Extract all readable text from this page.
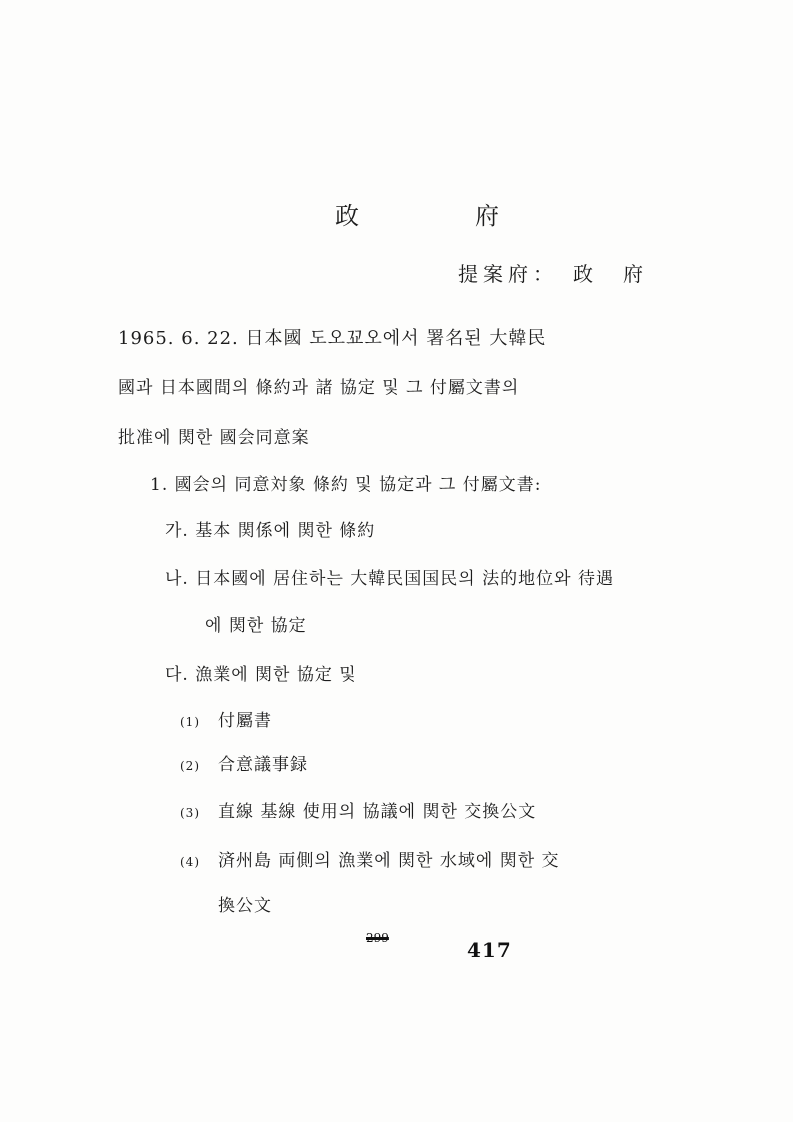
政　府
提案府：　政　府
1965. 6. 22. 日本國 도오꾜오에서 署名된 大韓民
國과 日本國間의 條約과 諸 協定 및 그 付屬文書의
批准에 関한 國会同意案
1. 國会의 同意対象 條約 및 協定과 그 付屬文書:
가. 基本 関係에 関한 條約
나. 日本國에 居住하는 大韓民国国民의 法的地位와 待遇
에 関한 協定
다. 漁業에 関한 協定 및
(1) 付屬書
(2) 合意議事録
(3) 直線 基線 使用의 協議에 関한 交換公文
(4) 済州島 両側의 漁業에 関한 水域에 関한 交
換公文
299	417
